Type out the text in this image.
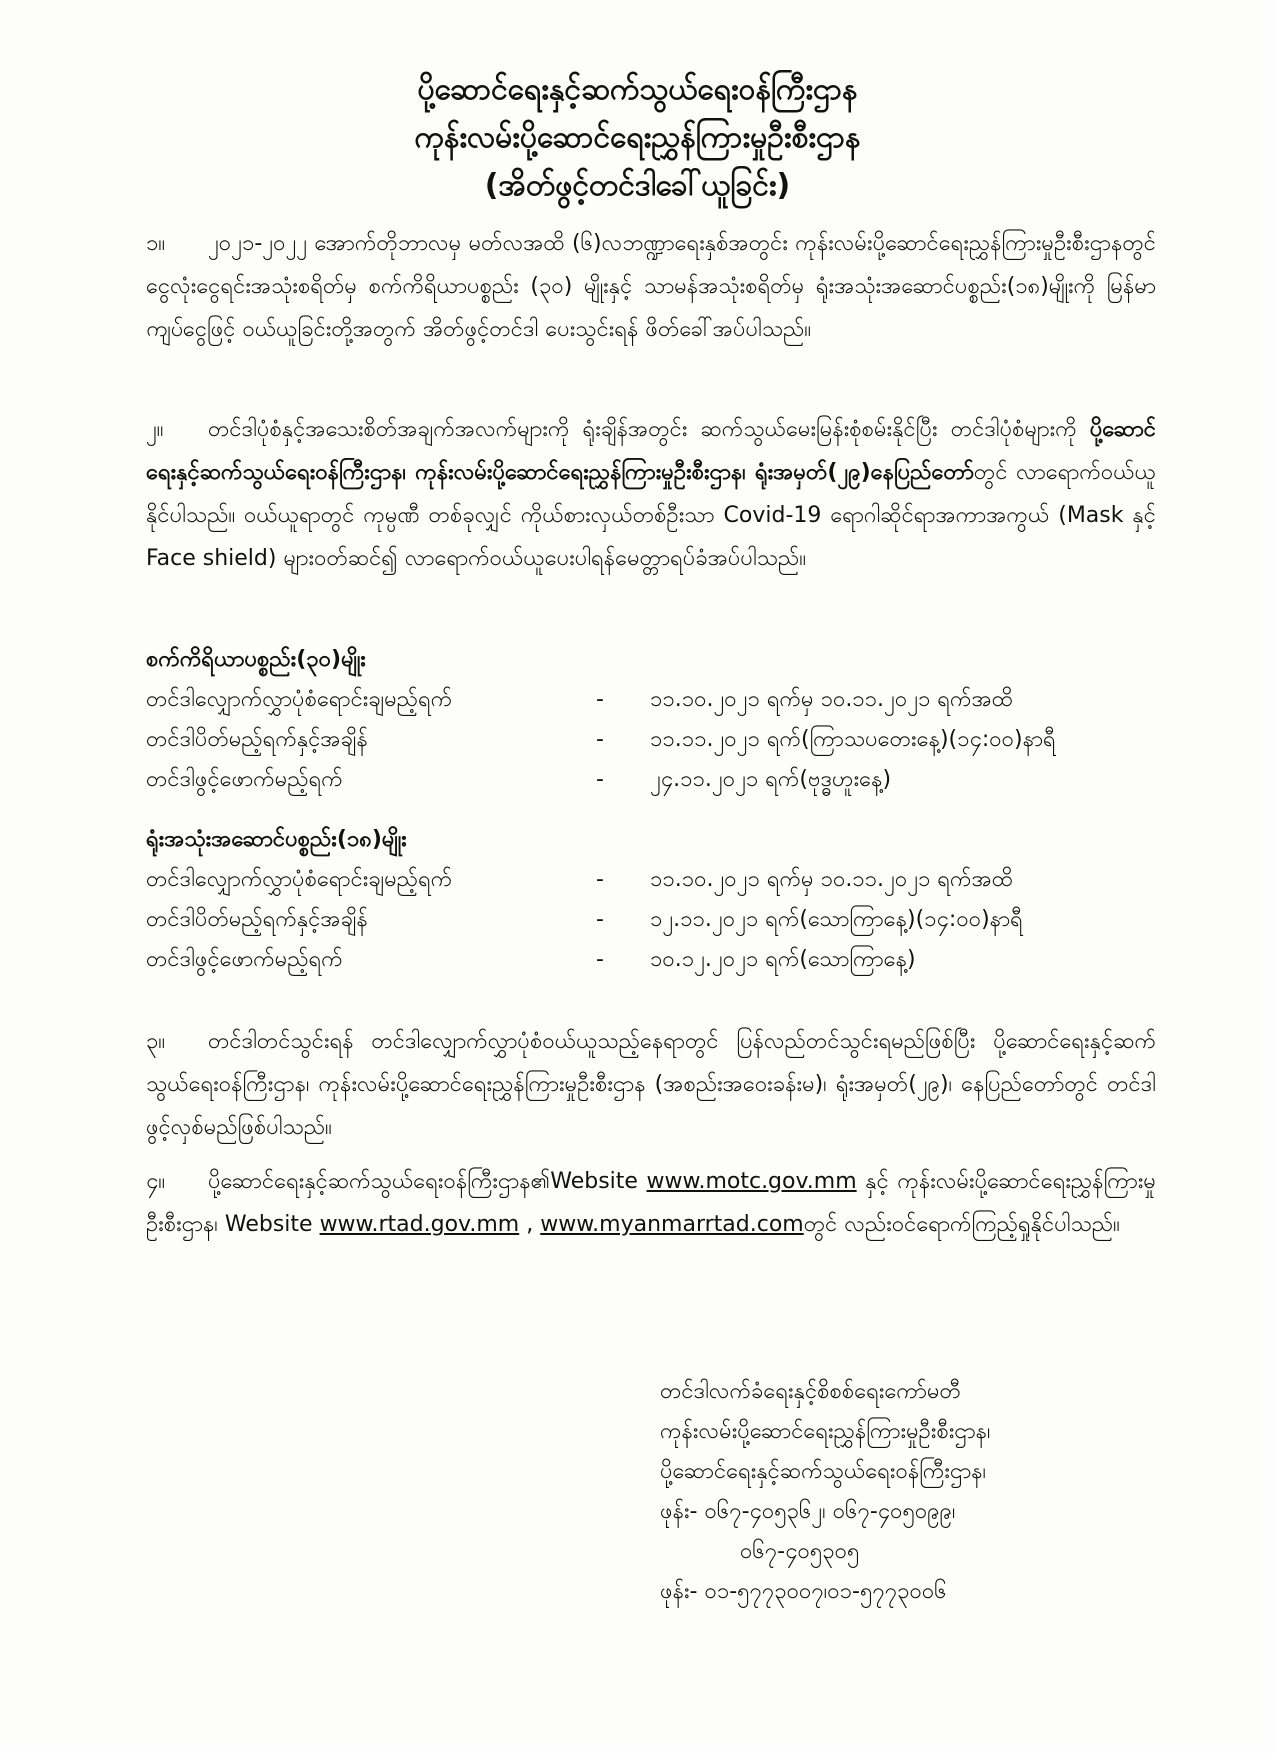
ပို့ဆောင်ရေးနှင့်ဆက်သွယ်ရေးဝန်ကြီးဌာန
ကုန်းလမ်းပို့ဆောင်ရေးညွှန်ကြားမှုဦးစီးဌာန
(အိတ်ဖွင့်တင်ဒါခေါ်ယူခြင်း)
၁။ ၂၀၂၁-၂၀၂၂ အောက်တိုဘာလမှ မတ်လအထိ (၆)လဘဏ္ဍာရေးနှစ်အတွင်း ကုန်းလမ်းပို့ဆောင်ရေးညွှန်ကြားမှုဦးစီးဌာနတွင် ငွေလုံးငွေရင်းအသုံးစရိတ်မှ စက်ကိရိယာပစ္စည်း (၃၀) မျိုးနှင့် သာမန်အသုံးစရိတ်မှ ရုံးအသုံးအဆောင်ပစ္စည်း(၁၈)မျိုးကို မြန်မာကျပ်ငွေဖြင့် ဝယ်ယူခြင်းတို့အတွက် အိတ်ဖွင့်တင်ဒါ ပေးသွင်းရန် ဖိတ်ခေါ်အပ်ပါသည်။
၂။ တင်ဒါပုံစံနှင့်အသေးစိတ်အချက်အလက်များကို ရုံးချိန်အတွင်း ဆက်သွယ်မေးမြန်းစုံစမ်းနိုင်ပြီး တင်ဒါပုံစံများကို ပို့ဆောင်ရေးနှင့်ဆက်သွယ်ရေးဝန်ကြီးဌာန၊ ကုန်းလမ်းပို့ဆောင်ရေးညွှန်ကြားမှုဦးစီးဌာန၊ ရုံးအမှတ်(၂၉)နေပြည်တော်တွင် လာရောက်ဝယ်ယူနိုင်ပါသည်။ ဝယ်ယူရာတွင် ကုမ္ပဏီ တစ်ခုလျှင် ကိုယ်စားလှယ်တစ်ဦးသာ Covid-19 ရောဂါဆိုင်ရာအကာအကွယ် (Mask နှင့် Face shield) များဝတ်ဆင်၍ လာရောက်ဝယ်ယူပေးပါရန်မေတ္တာရပ်ခံအပ်ပါသည်။
စက်ကိရိယာပစ္စည်း(၃၀)မျိုး
တင်ဒါလျှောက်လွှာပုံစံရောင်းချမည့်ရက်	- ၁၁.၁၀.၂၀၂၁ ရက်မှ ၁၀.၁၁.၂၀၂၁ ရက်အထိ
တင်ဒါပိတ်မည့်ရက်နှင့်အချိန်	- ၁၁.၁၁.၂၀၂၁ ရက်(ကြာသပတေးနေ့)(၁၄:၀၀)နာရီ
တင်ဒါဖွင့်ဖောက်မည့်ရက်	- ၂၄.၁၁.၂၀၂၁ ရက်(ဗုဒ္ဓဟူးနေ့)
ရုံးအသုံးအဆောင်ပစ္စည်း(၁၈)မျိုး
တင်ဒါလျှောက်လွှာပုံစံရောင်းချမည့်ရက်	- ၁၁.၁၀.၂၀၂၁ ရက်မှ ၁၀.၁၁.၂၀၂၁ ရက်အထိ
တင်ဒါပိတ်မည့်ရက်နှင့်အချိန်	- ၁၂.၁၁.၂၀၂၁ ရက်(သောကြာနေ့)(၁၄:၀၀)နာရီ
တင်ဒါဖွင့်ဖောက်မည့်ရက်	- ၁၀.၁၂.၂၀၂၁ ရက်(သောကြာနေ့)
၃။ တင်ဒါတင်သွင်းရန် တင်ဒါလျှောက်လွှာပုံစံဝယ်ယူသည့်နေရာတွင် ပြန်လည်တင်သွင်းရမည်ဖြစ်ပြီး ပို့ဆောင်ရေးနှင့်ဆက်သွယ်ရေးဝန်ကြီးဌာန၊ ကုန်းလမ်းပို့ဆောင်ရေးညွှန်ကြားမှုဦးစီးဌာန (အစည်းအဝေးခန်းမ)၊ ရုံးအမှတ်(၂၉)၊ နေပြည်တော်တွင် တင်ဒါဖွင့်လှစ်မည်ဖြစ်ပါသည်။
၄။ ပို့ဆောင်ရေးနှင့်ဆက်သွယ်ရေးဝန်ကြီးဌာန၏Website www.motc.gov.mm နှင့် ကုန်းလမ်းပို့ဆောင်ရေးညွှန်ကြားမှုဦးစီးဌာန၊ Website www.rtad.gov.mm , www.myanmarrtad.comတွင် လည်းဝင်ရောက်ကြည့်ရှုနိုင်ပါသည်။
တင်ဒါလက်ခံရေးနှင့်စိစစ်ရေးကော်မတီ
ကုန်းလမ်းပို့ဆောင်ရေးညွှန်ကြားမှုဦးစီးဌာန၊
ပို့ဆောင်ရေးနှင့်ဆက်သွယ်ရေးဝန်ကြီးဌာန၊
ဖုန်း- ၀၆၇-၄၀၅၃၆၂၊ ၀၆၇-၄၀၅၀၉၉၊
၀၆၇-၄၀၅၃၀၅
ဖုန်း- ၀၁-၅၇၇၃၀၀၇၊၀၁-၅၇၇၃၀၀၆
